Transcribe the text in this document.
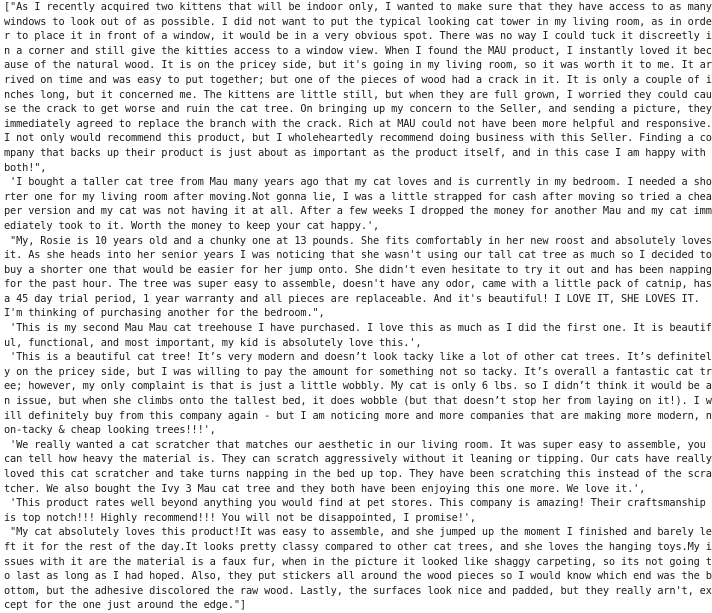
["As I recently acquired two kittens that will be indoor only, I wanted to make sure that they have access to as many
windows to look out of as possible. I did not want to put the typical looking cat tower in my living room, as in orde
r to place it in front of a window, it would be in a very obvious spot. There was no way I could tuck it discreetly i
n a corner and still give the kitties access to a window view. When I found the MAU product, I instantly loved it bec
ause of the natural wood. It is on the pricey side, but it's going in my living room, so it was worth it to me. It ar
rived on time and was easy to put together; but one of the pieces of wood had a crack in it. It is only a couple of i
nches long, but it concerned me. The kittens are little still, but when they are full grown, I worried they could cau
se the crack to get worse and ruin the cat tree. On bringing up my concern to the Seller, and sending a picture, they
immediately agreed to replace the branch with the crack. Rich at MAU could not have been more helpful and responsive.
I not only would recommend this product, but I wholeheartedly recommend doing business with this Seller. Finding a co
mpany that backs up their product is just about as important as the product itself, and in this case I am happy with
both!",
'I bought a taller cat tree from Mau many years ago that my cat loves and is currently in my bedroom. I needed a sho
rter one for my living room after moving.Not gonna lie, I was a little strapped for cash after moving so tried a chea
per version and my cat was not having it at all. After a few weeks I dropped the money for another Mau and my cat imm
ediately took to it. Worth the money to keep your cat happy.',
"My, Rosie is 10 years old and a chunky one at 13 pounds. She fits comfortably in her new roost and absolutely loves
it. As she heads into her senior years I was noticing that she wasn't using our tall cat tree as much so I decided to
buy a shorter one that would be easier for her jump onto. She didn't even hesitate to try it out and has been napping
for the past hour. The tree was super easy to assemble, doesn't have any odor, came with a little pack of catnip, has
a 45 day trial period, 1 year warranty and all pieces are replaceable. And it's beautiful! I LOVE IT, SHE LOVES IT.
I'm thinking of purchasing another for the bedroom.",
'This is my second Mau Mau cat treehouse I have purchased. I love this as much as I did the first one. It is beautif
ul, functional, and most important, my kid is absolutely love this.',
'This is a beautiful cat tree! It’s very modern and doesn’t look tacky like a lot of other cat trees. It’s definitel
y on the pricey side, but I was willing to pay the amount for something not so tacky. It’s overall a fantastic cat tr
ee; however, my only complaint is that is just a little wobbly. My cat is only 6 lbs. so I didn’t think it would be a
n issue, but when she climbs onto the tallest bed, it does wobble (but that doesn’t stop her from laying on it!). I w
ill definitely buy from this company again - but I am noticing more and more companies that are making more modern, n
on-tacky & cheap looking trees!!!',
'We really wanted a cat scratcher that matches our aesthetic in our living room. It was super easy to assemble, you
can tell how heavy the material is. They can scratch aggressively without it leaning or tipping. Our cats have really
loved this cat scratcher and take turns napping in the bed up top. They have been scratching this instead of the scra
tcher. We also bought the Ivy 3 Mau cat tree and they both have been enjoying this one more. We love it.',
'This product rates well beyond anything you would find at pet stores. This company is amazing! Their craftsmanship
is top notch!!! Highly recommend!!! You will not be disappointed, I promise!',
"My cat absolutely loves this product!It was easy to assemble, and she jumped up the moment I finished and barely le
ft it for the rest of the day.It looks pretty classy compared to other cat trees, and she loves the hanging toys.My i
ssues with it are the material is a faux fur, when in the picture it looked like shaggy carpeting, so its not going t
o last as long as I had hoped. Also, they put stickers all around the wood pieces so I would know which end was the b
ottom, but the adhesive discolored the raw wood. Lastly, the surfaces look nice and padded, but they really arn't, ex
cept for the one just around the edge."]
